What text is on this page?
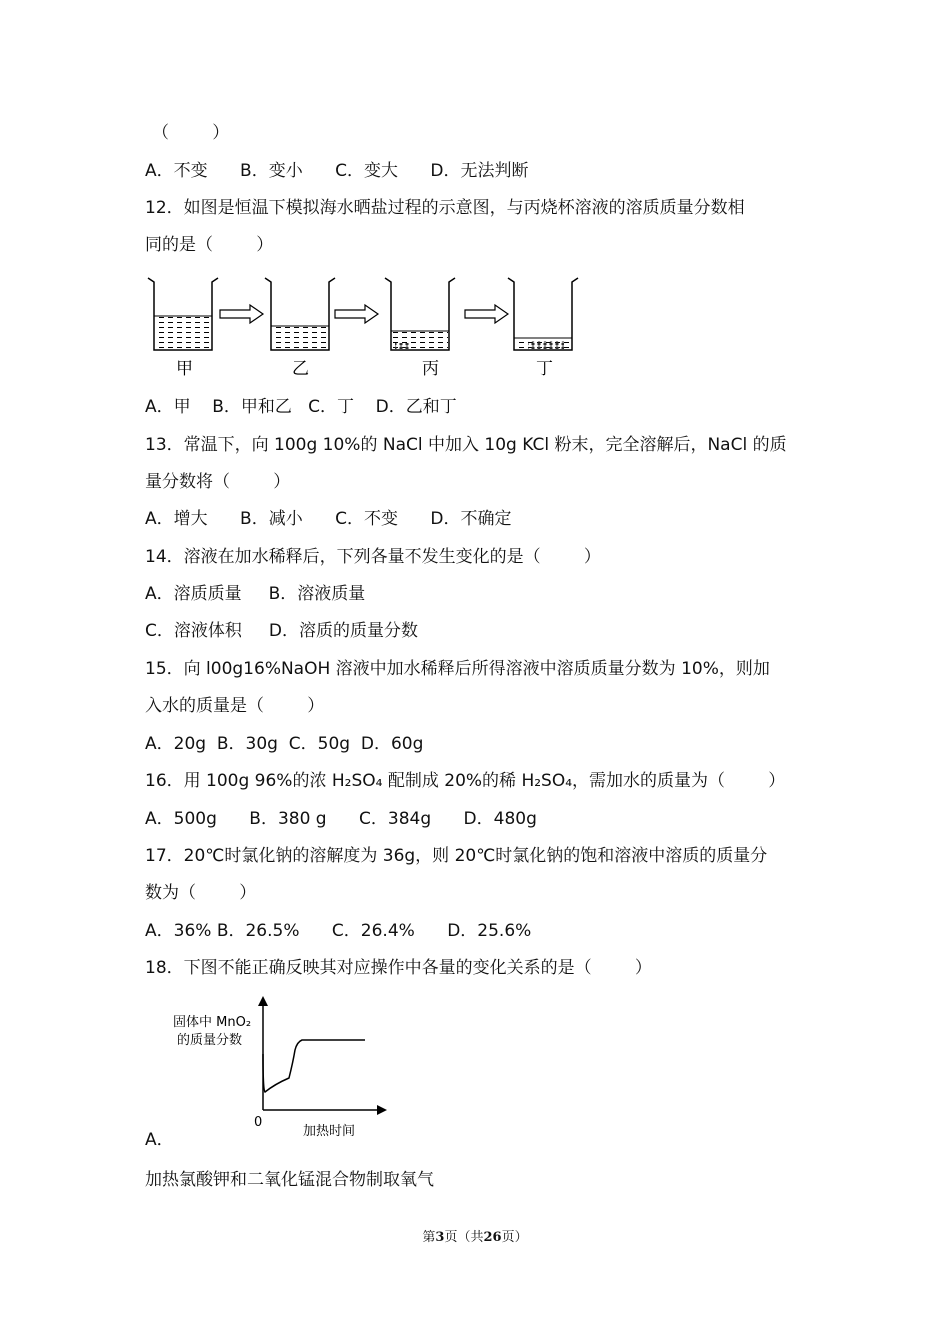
（        ）
A．不变      B．变小      C．变大      D．无法判断
12．如图是恒温下模拟海水晒盐过程的示意图，与丙烧杯溶液的溶质质量分数相
同的是（        ）
甲	乙	丙	丁
A．甲    B．甲和乙   C．丁    D．乙和丁
13．常温下，向 100g 10%的 NaCl 中加入 10g KCl 粉末，完全溶解后，NaCl 的质
量分数将（        ）
A．增大      B．减小      C．不变      D．不确定
14．溶液在加水稀释后，下列各量不发生变化的是（        ）
A．溶质质量     B．溶液质量
C．溶液体积     D．溶质的质量分数
15．向 l00g16%NaOH 溶液中加水稀释后所得溶液中溶质质量分数为 10%，则加
入水的质量是（        ）
A．20g  B．30g  C．50g  D．60g
16．用 100g 96%的浓 H₂SO₄ 配制成 20%的稀 H₂SO₄，需加水的质量为（        ）
A．500g      B．380 g      C．384g      D．480g
17．20℃时氯化钠的溶解度为 36g，则 20℃时氯化钠的饱和溶液中溶质的质量分
数为（        ）
A．36% B．26.5%      C．26.4%      D．25.6%
18．下图不能正确反映其对应操作中各量的变化关系的是（        ）
固体中 MnO₂
的质量分数
0
加热时间
A．
加热氯酸钾和二氧化锰混合物制取氧气
第3页（共26页）
